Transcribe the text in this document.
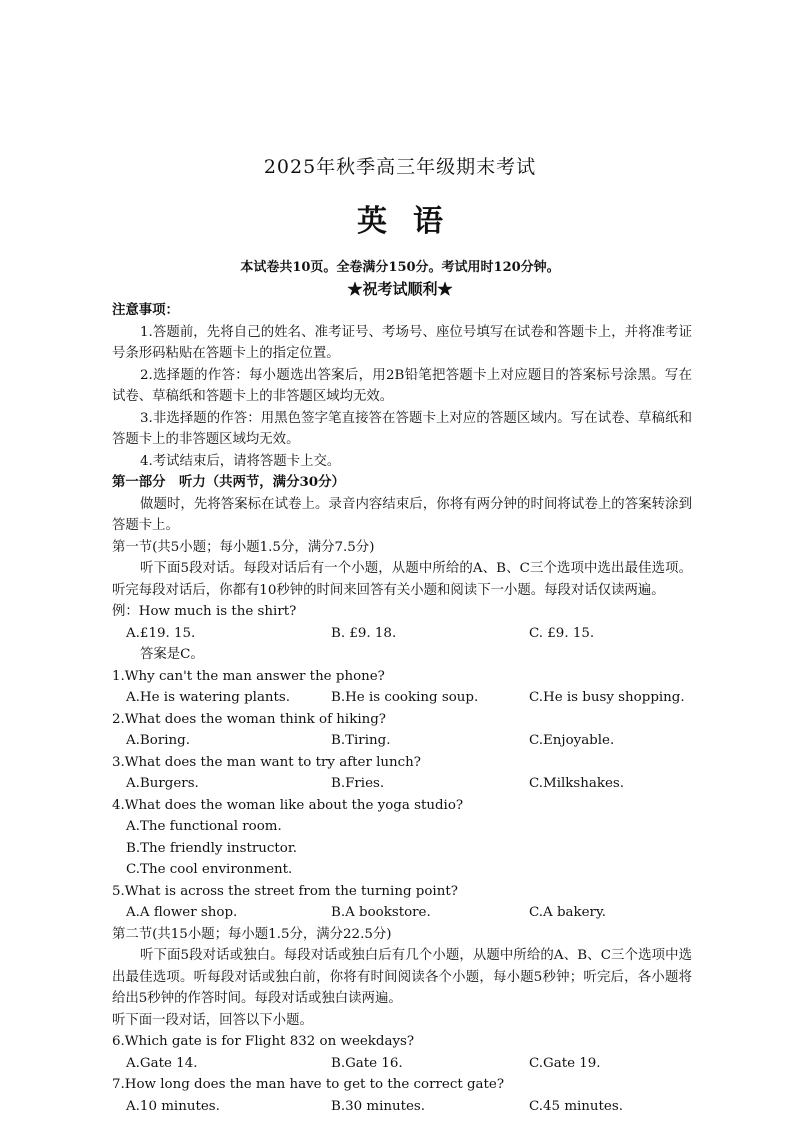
2025年秋季高三年级期末考试
英语
本试卷共10页。全卷满分150分。考试用时120分钟。
★祝考试顺利★
注意事项：
1.答题前，先将自己的姓名、准考证号、考场号、座位号填写在试卷和答题卡上，并将准考证号条形码粘贴在答题卡上的指定位置。
2.选择题的作答：每小题选出答案后，用2B铅笔把答题卡上对应题目的答案标号涂黑。写在试卷、草稿纸和答题卡上的非答题区域均无效。
3.非选择题的作答：用黑色签字笔直接答在答题卡上对应的答题区域内。写在试卷、草稿纸和答题卡上的非答题区域均无效。
4.考试结束后，请将答题卡上交。
第一部分　听力（共两节，满分30分）
做题时，先将答案标在试卷上。录音内容结束后，你将有两分钟的时间将试卷上的答案转涂到答题卡上。
第一节(共5小题；每小题1.5分，满分7.5分)
听下面5段对话。每段对话后有一个小题，从题中所给的A、B、C三个选项中选出最佳选项。听完每段对话后，你都有10秒钟的时间来回答有关小题和阅读下一小题。每段对话仅读两遍。
例：How much is the shirt?
A.£19. 15.	B. £9. 18.	C. £9. 15.
答案是C。
1.Why can't the man answer the phone?
A.He is watering plants.	B.He is cooking soup.	C.He is busy shopping.
2.What does the woman think of hiking?
A.Boring.	B.Tiring.	C.Enjoyable.
3.What does the man want to try after lunch?
A.Burgers.	B.Fries.	C.Milkshakes.
4.What does the woman like about the yoga studio?
A.The functional room.
B.The friendly instructor.
C.The cool environment.
5.What is across the street from the turning point?
A.A flower shop.	B.A bookstore.	C.A bakery.
第二节(共15小题；每小题1.5分，满分22.5分)
听下面5段对话或独白。每段对话或独白后有几个小题，从题中所给的A、B、C三个选项中选出最佳选项。听每段对话或独白前，你将有时间阅读各个小题，每小题5秒钟；听完后，各小题将给出5秒钟的作答时间。每段对话或独白读两遍。
听下面一段对话，回答以下小题。
6.Which gate is for Flight 832 on weekdays?
A.Gate 14.	B.Gate 16.	C.Gate 19.
7.How long does the man have to get to the correct gate?
A.10 minutes.	B.30 minutes.	C.45 minutes.
